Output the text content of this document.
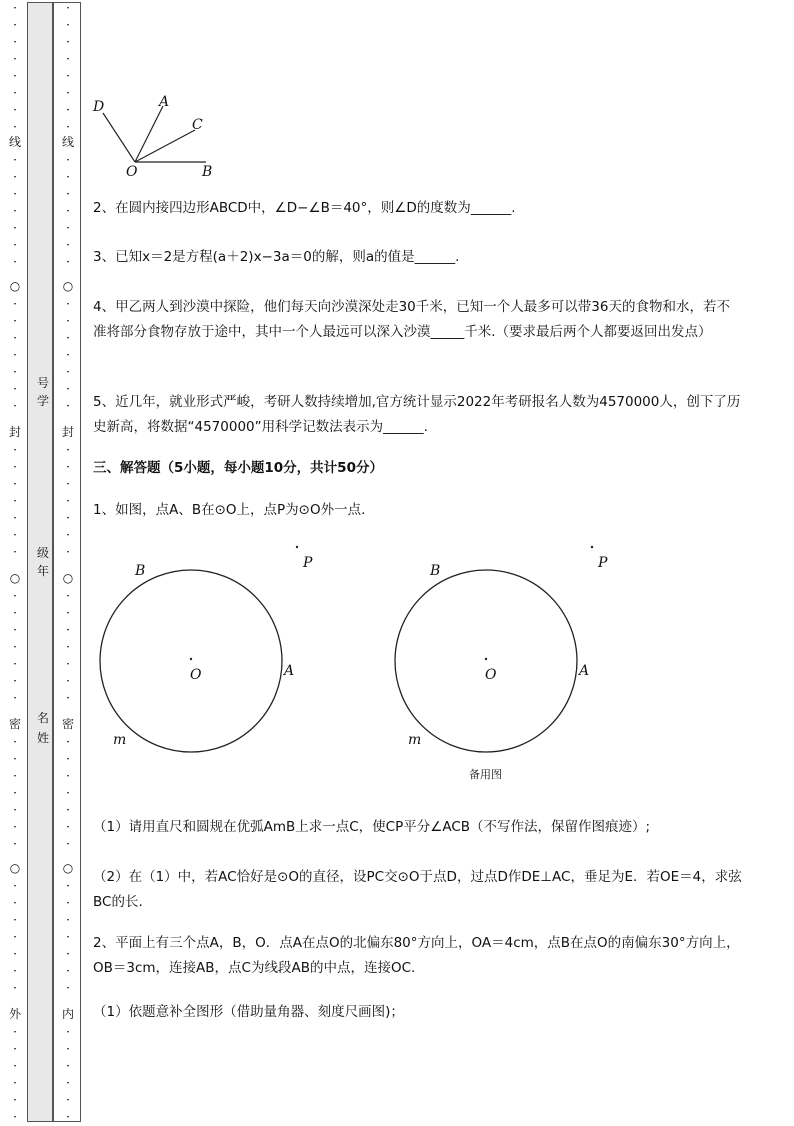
·
·
·
·
·
·
·
·
线
·
·
·
·
·
·
·
○
·
·
·
·
·
·
·
封
·
·
·
·
·
·
·
○
·
·
·
·
·
·
·
密
·
·
·
·
·
·
·
○
·
·
·
·
·
·
·
外
·
·
·
·
·
·
号
学
级
年
名
姓
·
·
·
·
·
·
·
·
线
·
·
·
·
·
·
·
○
·
·
·
·
·
·
·
封
·
·
·
·
·
·
·
○
·
·
·
·
·
·
·
密
·
·
·
·
·
·
·
○
·
·
·
·
·
·
·
内
·
·
·
·
·
·
D	A
C
O	B
2、在圆内接四边形ABCD中，∠D−∠B＝40°，则∠D的度数为______.
3、已知x＝2是方程(a＋2)x−3a＝0的解，则a的值是______.
4、甲乙两人到沙漠中探险，他们每天向沙漠深处走30千米，已知一个人最多可以带36天的食物和水，若不准将部分食物存放于途中，其中一个人最远可以深入沙漠_____千米.（要求最后两个人都要返回出发点）
5、近几年，就业形式严峻，考研人数持续增加,官方统计显示2022年考研报名人数为4570000人，创下了历史新高，将数据“4570000”用科学记数法表示为______.
三、解答题（5小题，每小题10分，共计50分）
1、如图，点A、B在⊙O上，点P为⊙O外一点.
B	P
O	A
m
B	P
O	A
m
备用图
（1）请用直尺和圆规在优弧AmB上求一点C，使CP平分∠ACB（不写作法，保留作图痕迹）;
（2）在（1）中，若AC恰好是⊙O的直径，设PC交⊙O于点D，过点D作DE⊥AC，垂足为E．若OE＝4，求弦BC的长.
2、平面上有三个点A，B，O．点A在点O的北偏东80°方向上，OA＝4cm，点B在点O的南偏东30°方向上，OB＝3cm，连接AB，点C为线段AB的中点，连接OC.
（1）依题意补全图形（借助量角器、刻度尺画图)；
